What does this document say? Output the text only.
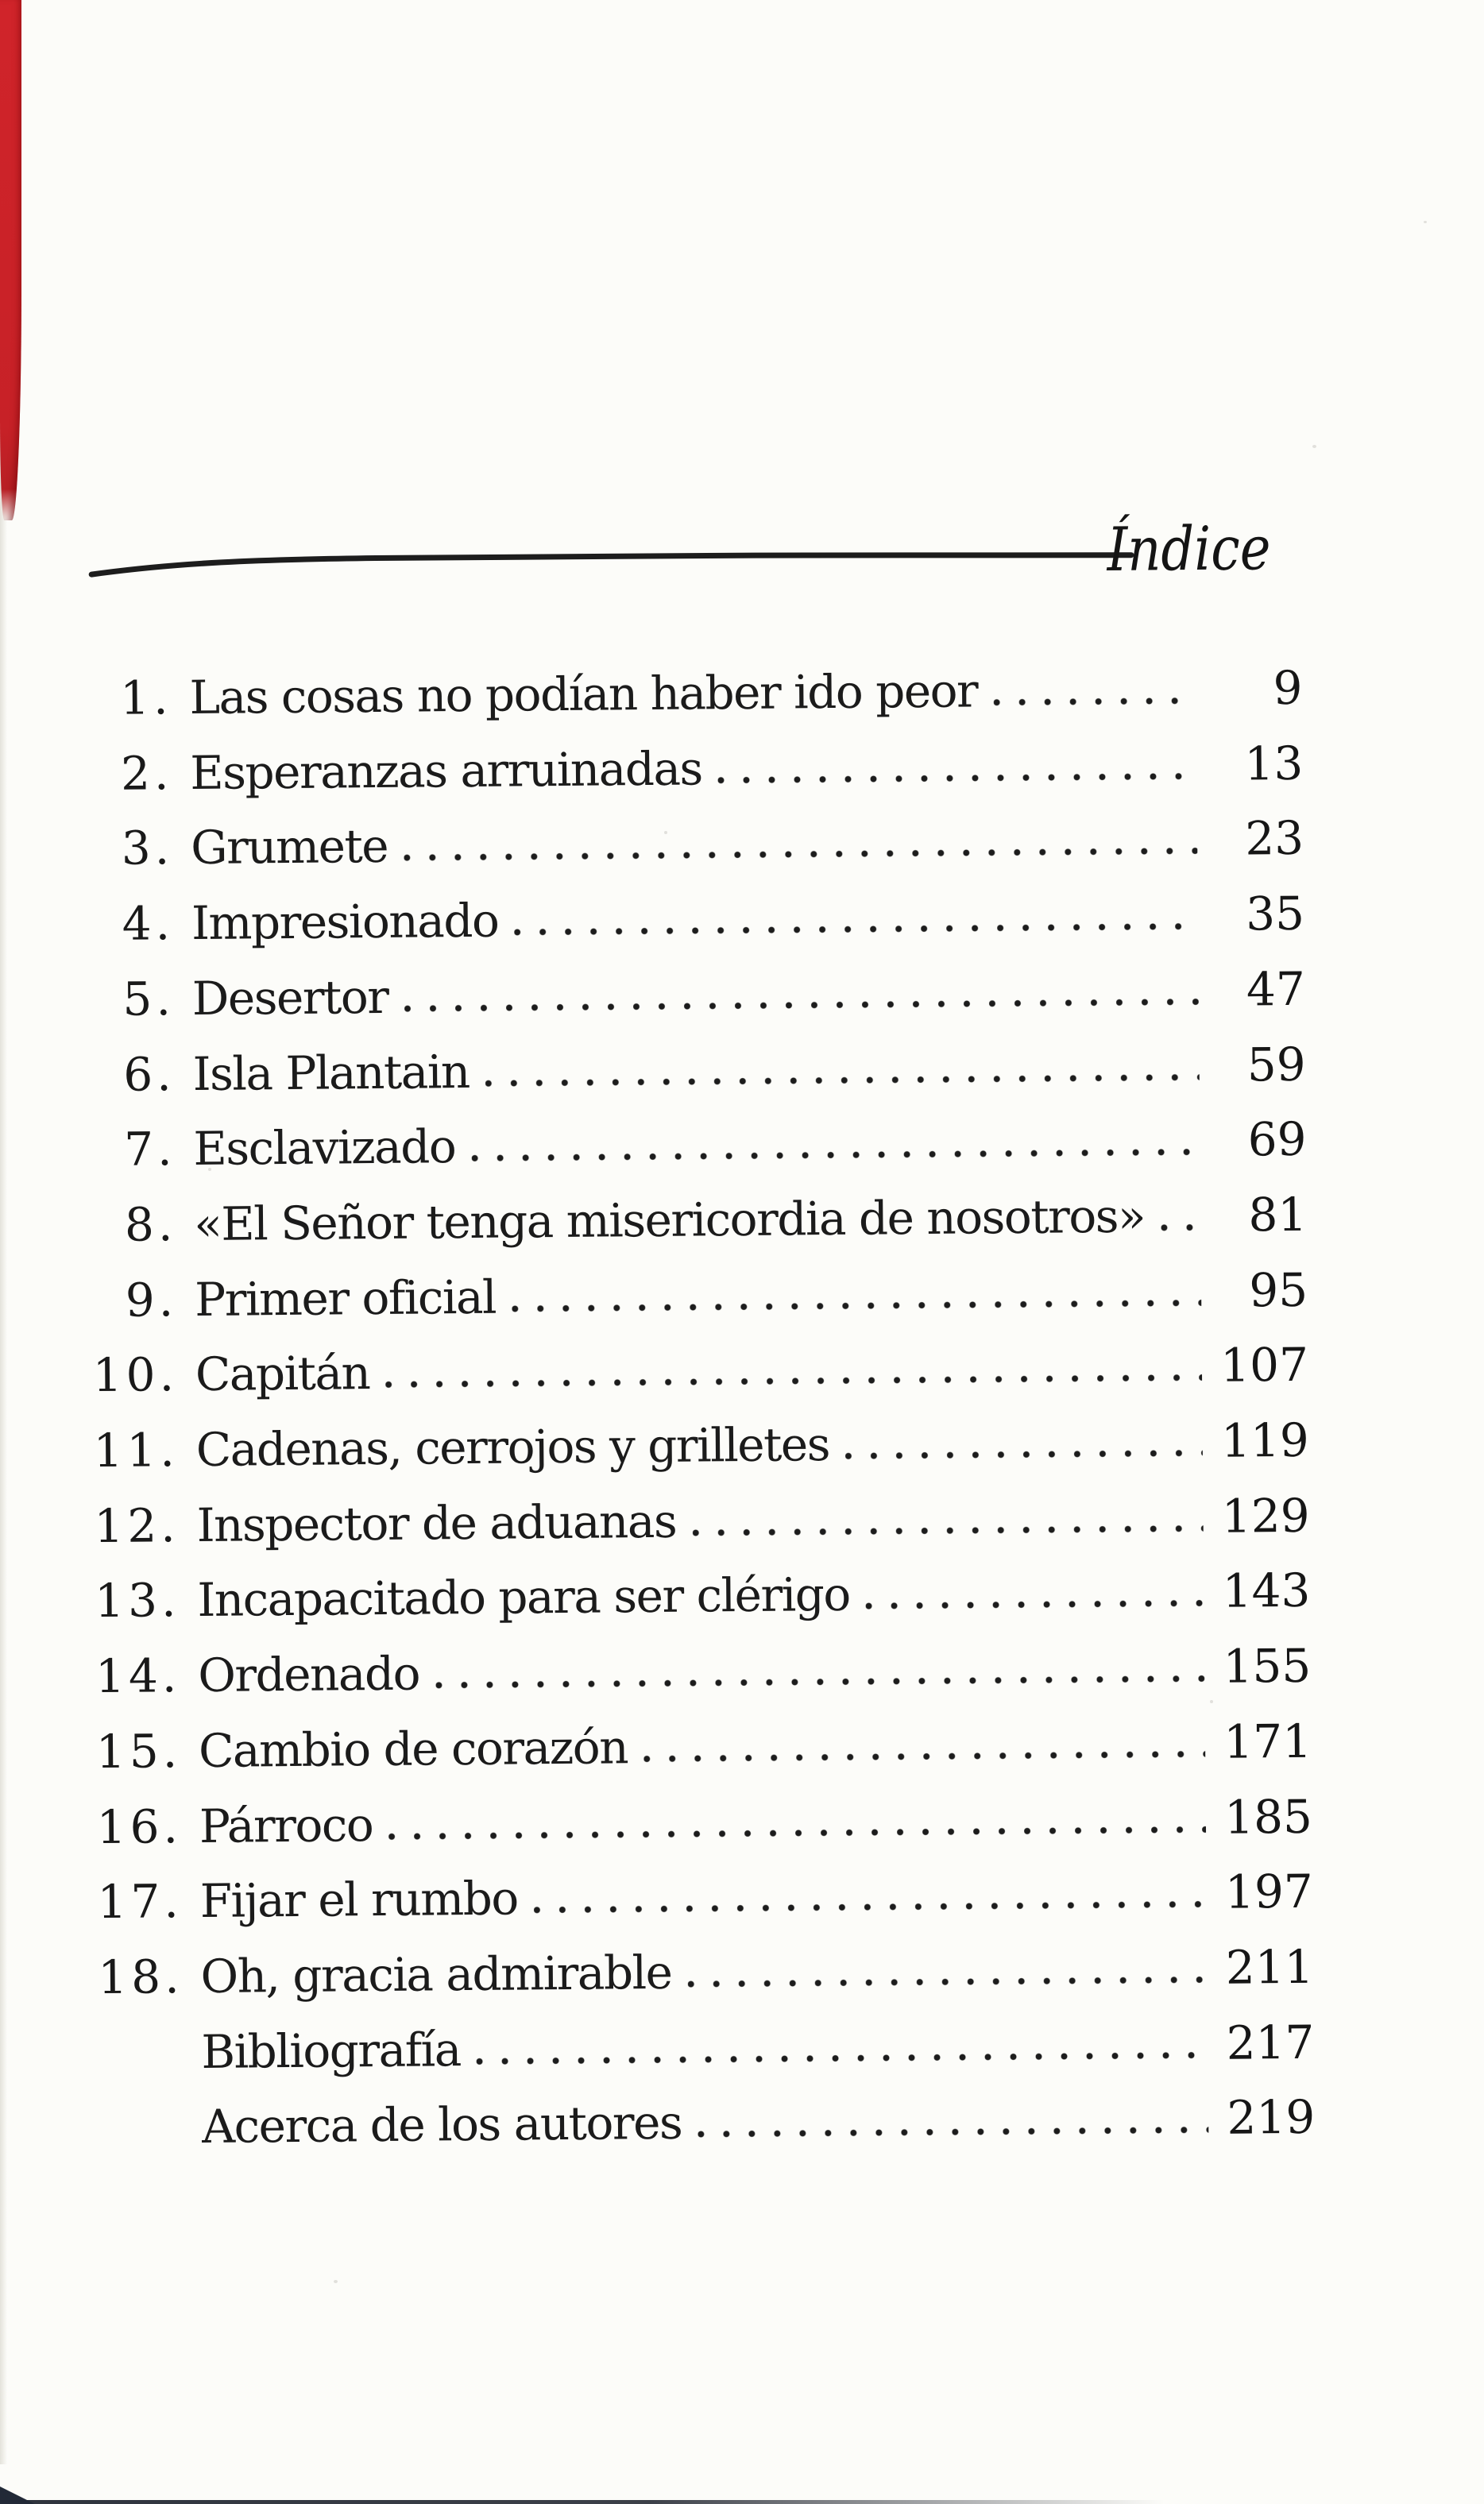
Índice
1. Las cosas no podían haber ido peor	9
2. Esperanzas arruinadas	13
3. Grumete	23
4. Impresionado	35
5. Desertor	47
6. Isla Plantain	59
7. Esclavizado	69
8. «El Señor tenga misericordia de nosotros»	81
9. Primer oficial	95
10. Capitán	107
11. Cadenas, cerrojos y grilletes	119
12. Inspector de aduanas	129
13. Incapacitado para ser clérigo	143
14. Ordenado	155
15. Cambio de corazón	171
16. Párroco	185
17. Fijar el rumbo	197
18. Oh, gracia admirable	211
Bibliografía	217
Acerca de los autores	219
